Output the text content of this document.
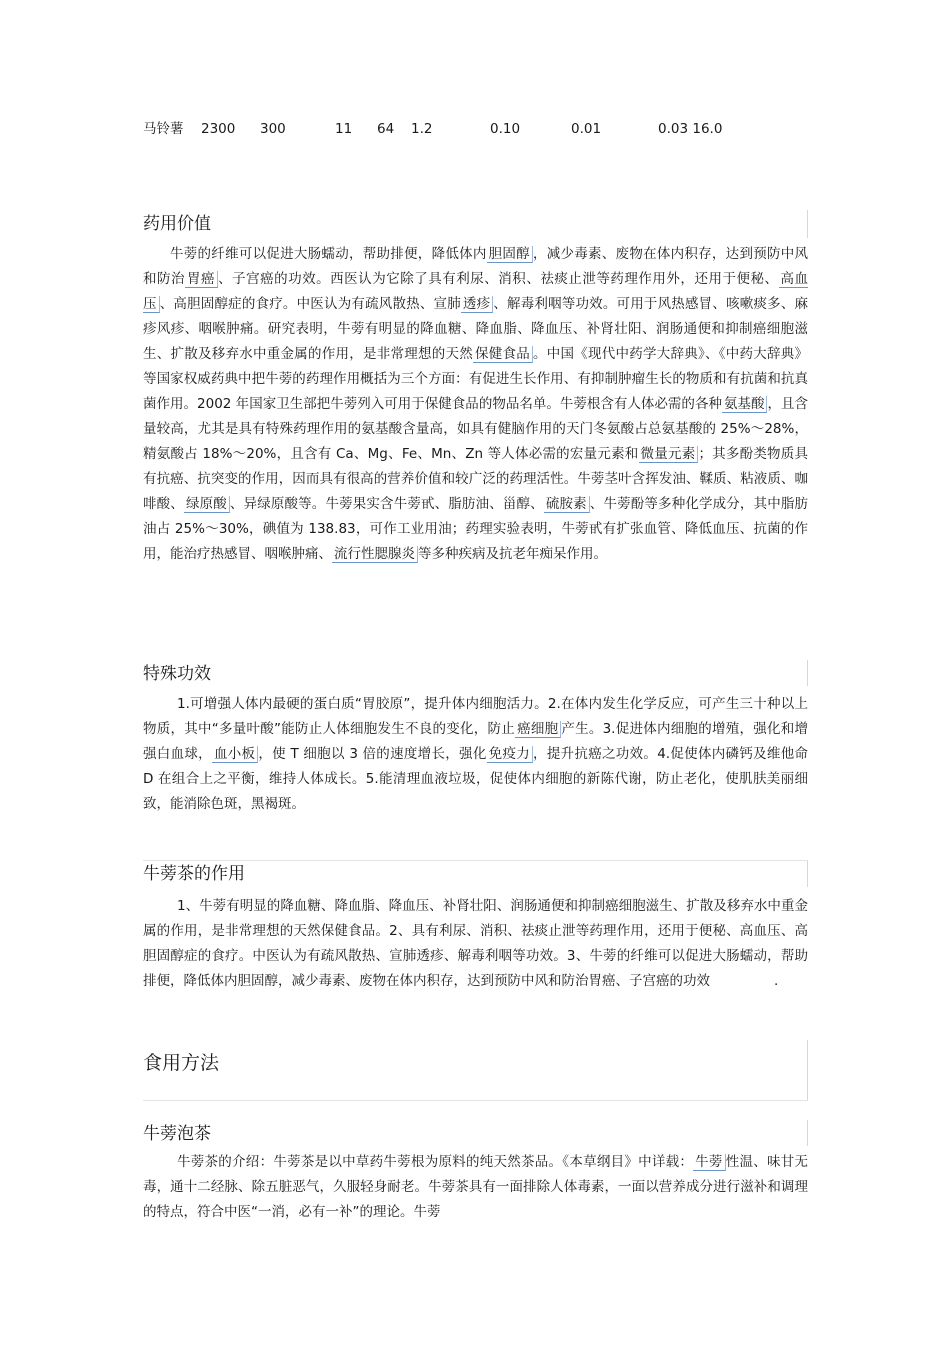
马铃薯 2300 300	11 64 1.2	0.10	0.01	0.03 16.0
药用价值

牛蒡的纤维可以促进大肠蠕动，帮助排便，降低体内 胆固醇 ，减少毒素、废物在体内积存，达到预防中风和防治 胃癌 、子宫癌的功效。西医认为它除了具有利尿、消积、祛痰止泄等药理作用外，还用于便秘、 高血压 、高胆固醇症的食疗。中医认为有疏风散热、宣肺 透疹 、解毒利咽等功效。可用于风热感冒、咳嗽痰多、麻疹风疹、咽喉肿痛。研究表明，牛蒡有明显的降血糖、降血脂、降血压、补肾壮阳、润肠通便和抑制癌细胞滋生、扩散及移弃水中重金属的作用，是非常理想的天然 保健食品 。中国《现代中药学大辞典》、《中药大辞典》等国家权威药典中把牛蒡的药理作用概括为三个方面：有促进生长作用、有抑制肿瘤生长的物质和有抗菌和抗真菌作用。2002 年国家卫生部把牛蒡列入可用于保健食品的物品名单。牛蒡根含有人体必需的各种 氨基酸 ，且含量较高，尤其是具有特殊药理作用的氨基酸含量高，如具有健脑作用的天门冬氨酸占总氨基酸的 25%～28%，精氨酸占 18%～20%，且含有 Ca、Mg、Fe、Mn、Zn 等人体必需的宏量元素和 微量元素 ；其多酚类物质具有抗癌、抗突变的作用，因而具有很高的营养价值和较广泛的药理活性。牛蒡茎叶含挥发油、鞣质、粘液质、咖啡酸、 绿原酸 、异绿原酸等。牛蒡果实含牛蒡甙、脂肪油、甾醇、 硫胺素 、牛蒡酚等多种化学成分，其中脂肪油占 25%～30%，碘值为 138.83，可作工业用油；药理实验表明，牛蒡甙有扩张血管、降低血压、抗菌的作用，能治疗热感冒、咽喉肿痛、 流行性腮腺炎 等多种疾病及抗老年痴呆作用。

特殊功效

1.可增强人体内最硬的蛋白质“胃胶原”，提升体内细胞活力。2.在体内发生化学反应，可产生三十种以上物质，其中“多量叶酸”能防止人体细胞发生不良的变化，防止 癌细胞 产生。3.促进体内细胞的增殖，强化和增强白血球， 血小板 ，使 T 细胞以 3 倍的速度增长，强化 免疫力 ，提升抗癌之功效。4.促使体内磷钙及维他命 D 在组合上之平衡，维持人体成长。5.能清理血液垃圾，促使体内细胞的新陈代谢，防止老化，使肌肤美丽细致，能消除色斑，黑褐斑。

牛蒡茶的作用

1、牛蒡有明显的降血糖、降血脂、降血压、补肾壮阳、润肠通便和抑制癌细胞滋生、扩散及移弃水中重金属的作用，是非常理想的天然保健食品。2、具有利尿、消积、祛痰止泄等药理作用，还用于便秘、高血压、高胆固醇症的食疗。中医认为有疏风散热、宣肺透疹、解毒利咽等功效。3、牛蒡的纤维可以促进大肠蠕动，帮助排便，降低体内胆固醇，减少毒素、废物在体内积存，达到预防中风和防治胃癌、子宫癌的功效	.

食用方法
牛蒡泡茶

牛蒡茶的介绍：牛蒡茶是以中草药牛蒡根为原料的纯天然茶品。《本草纲目》中详载： 牛蒡 性温、味甘无毒，通十二经脉、除五脏恶气，久服轻身耐老。牛蒡茶具有一面排除人体毒素，一面以营养成分进行滋补和调理的特点，符合中医“一消，必有一补”的理论。牛蒡
